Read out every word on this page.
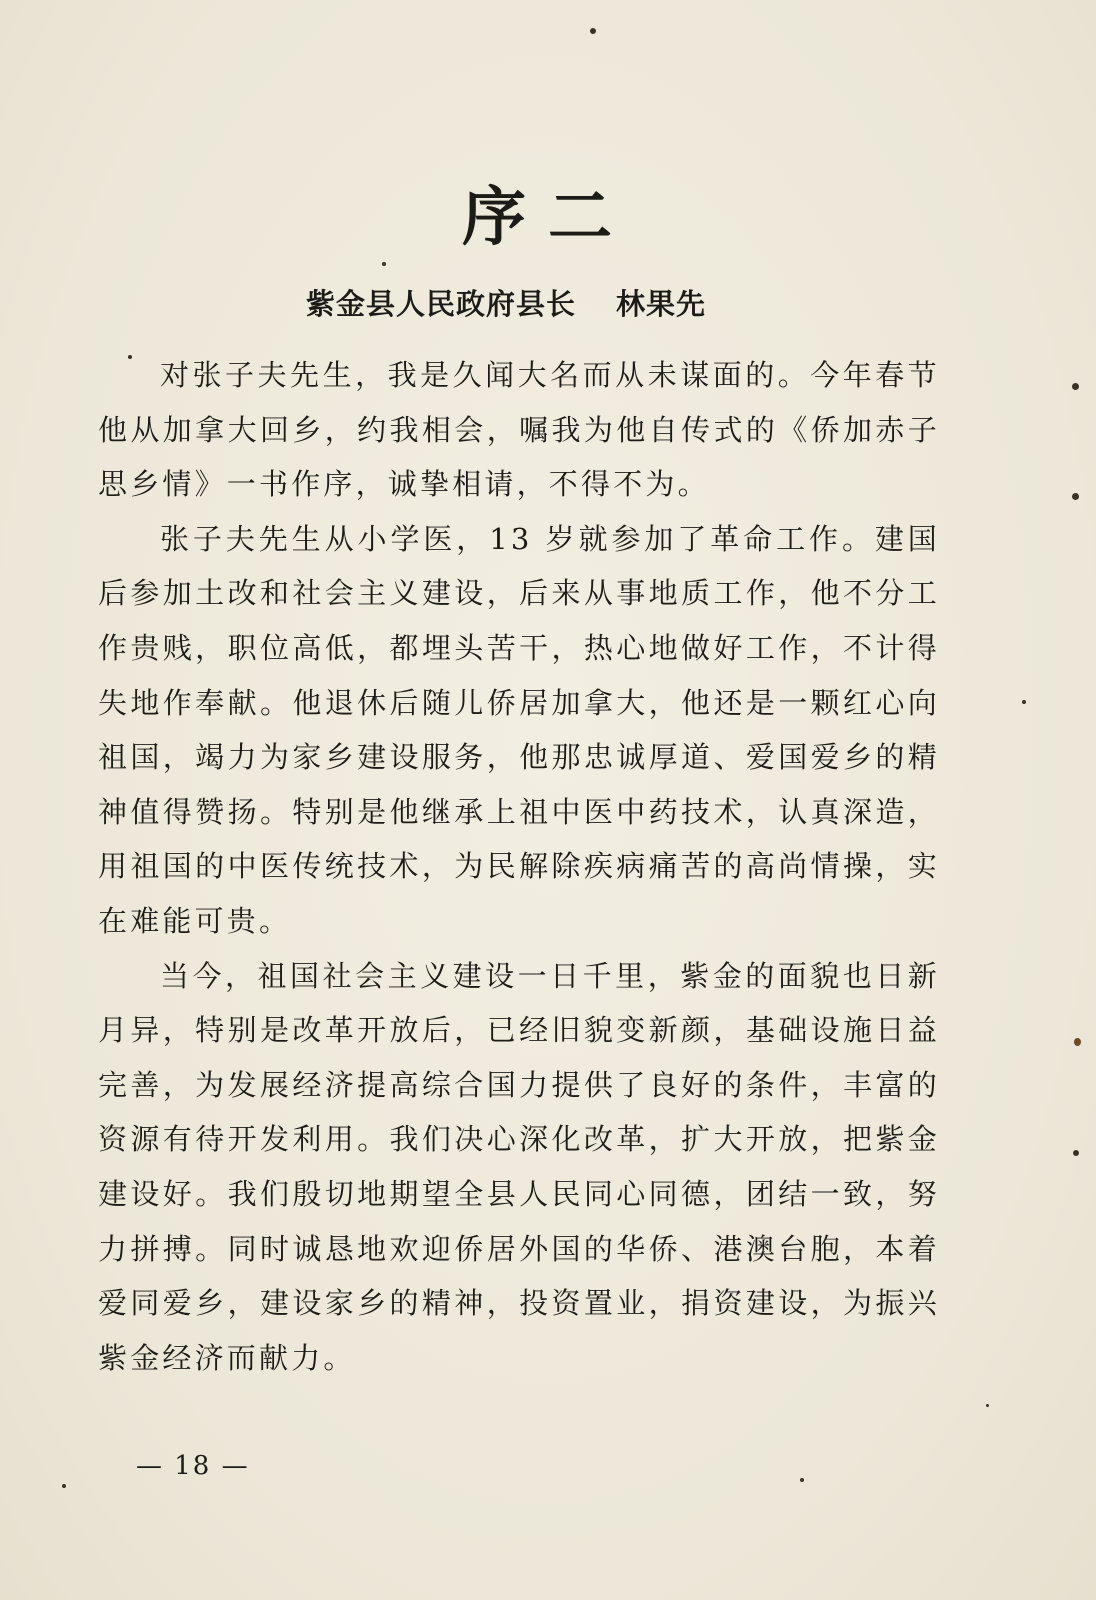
序二
紫金县人民政府县长 林果先

对张子夫先生，我是久闻大名而从未谋面的。今年春节他从加拿大回乡，约我相会，嘱我为他自传式的《侨加赤子思乡情》一书作序，诚挚相请，不得不为。

张子夫先生从小学医，13 岁就参加了革命工作。建国后参加土改和社会主义建设，后来从事地质工作，他不分工作贵贱，职位高低，都埋头苦干，热心地做好工作，不计得失地作奉献。他退休后随儿侨居加拿大，他还是一颗红心向祖国，竭力为家乡建设服务，他那忠诚厚道、爱国爱乡的精神值得赞扬。特别是他继承上祖中医中药技术，认真深造，用祖国的中医传统技术，为民解除疾病痛苦的高尚情操，实在难能可贵。

当今，祖国社会主义建设一日千里，紫金的面貌也日新月异，特别是改革开放后，已经旧貌变新颜，基础设施日益完善，为发展经济提高综合国力提供了良好的条件，丰富的资源有待开发利用。我们决心深化改革，扩大开放，把紫金建设好。我们殷切地期望全县人民同心同德，团结一致，努力拼搏。同时诚恳地欢迎侨居外国的华侨、港澳台胞，本着爱同爱乡，建设家乡的精神，投资置业，捐资建设，为振兴紫金经济而献力。

— 18 —
